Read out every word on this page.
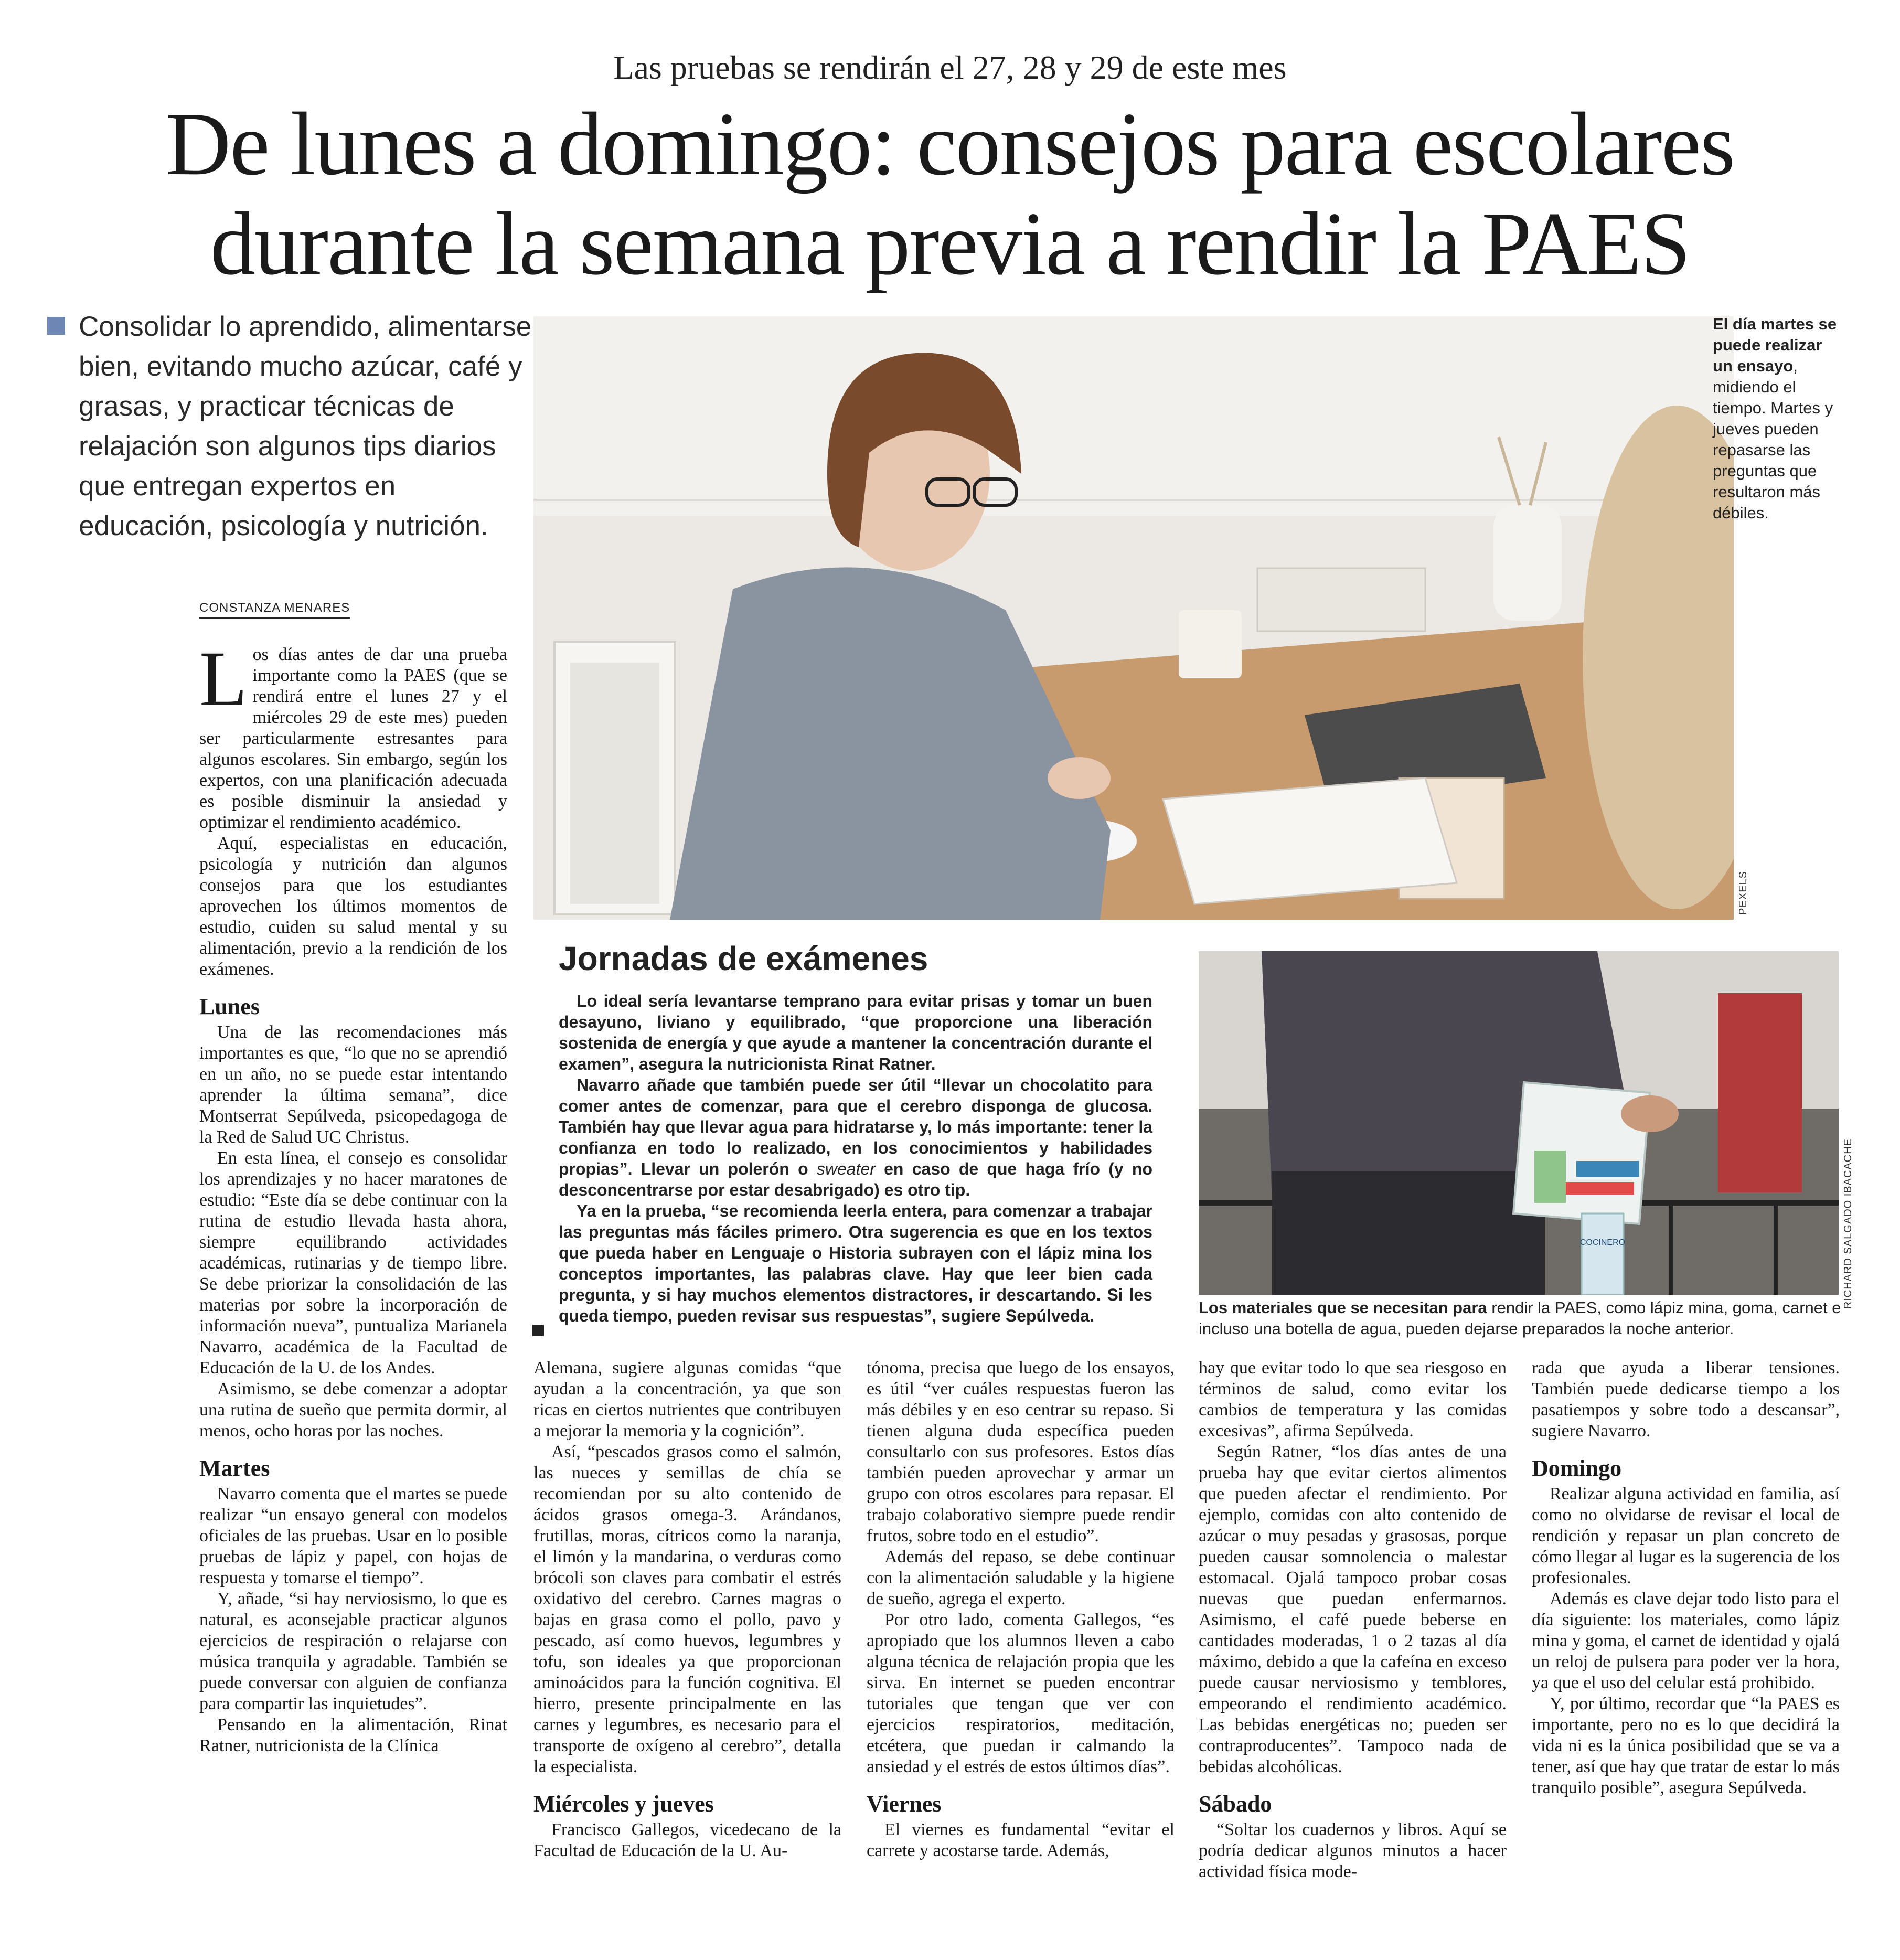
Las pruebas se rendirán el 27, 28 y 29 de este mes
De lunes a domingo: consejos para escolares
durante la semana previa a rendir la PAES
Consolidar lo aprendido, alimentarse bien, evitando mucho azúcar, café y grasas, y practicar técnicas de relajación son algunos tips diarios que entregan expertos en educación, psicología y nutrición.
CONSTANZA MENARES

Los días antes de dar una prueba importante como la PAES (que se rendirá entre el lunes 27 y el miércoles 29 de este mes) pueden ser particularmente estresantes para algunos escolares. Sin embargo, según los expertos, con una planificación adecuada es posible disminuir la ansiedad y optimizar el rendimiento académico.

Aquí, especialistas en educación, psicología y nutrición dan algunos consejos para que los estudiantes aprovechen los últimos momentos de estudio, cuiden su salud mental y su alimentación, previo a la rendición de los exámenes.

Lunes

Una de las recomendaciones más importantes es que, “lo que no se aprendió en un año, no se puede estar intentando aprender la última semana”, dice Montserrat Sepúlveda, psicopedagoga de la Red de Salud UC Christus.

En esta línea, el consejo es consolidar los aprendizajes y no hacer maratones de estudio: “Este día se debe continuar con la rutina de estudio llevada hasta ahora, siempre equilibrando actividades académicas, rutinarias y de tiempo libre. Se debe priorizar la consolidación de las materias por sobre la incorporación de información nueva”, puntualiza Marianela Navarro, académica de la Facultad de Educación de la U. de los Andes.

Asimismo, se debe comenzar a adoptar una rutina de sueño que permita dormir, al menos, ocho horas por las noches.

Martes

Navarro comenta que el martes se puede realizar “un ensayo general con modelos oficiales de las pruebas. Usar en lo posible pruebas de lápiz y papel, con hojas de respuesta y tomarse el tiempo”.

Y, añade, “si hay nerviosismo, lo que es natural, es aconsejable practicar algunos ejercicios de respiración o relajarse con música tranquila y agradable. También se puede conversar con alguien de confianza para compartir las inquietudes”.

Pensando en la alimentación, Rinat Ratner, nutricionista de la Clínica

PEXELS
El día martes se puede realizar un ensayo, midiendo el tiempo. Martes y jueves pueden repasarse las preguntas que resultaron más débiles.
Jornadas de exámenes

Lo ideal sería levantarse temprano para evitar prisas y tomar un buen desayuno, liviano y equilibrado, “que proporcione una liberación sostenida de energía y que ayude a mantener la concentración durante el examen”, asegura la nutricionista Rinat Ratner.

Navarro añade que también puede ser útil “llevar un chocolatito para comer antes de comenzar, para que el cerebro disponga de glucosa. También hay que llevar agua para hidratarse y, lo más importante: tener la confianza en todo lo realizado, en los conocimientos y habilidades propias”. Llevar un polerón o sweater en caso de que haga frío (y no desconcentrarse por estar desabrigado) es otro tip.

Ya en la prueba, “se recomienda leerla entera, para comenzar a trabajar las preguntas más fáciles primero. Otra sugerencia es que en los textos que pueda haber en Lenguaje o Historia subrayen con el lápiz mina los conceptos importantes, las palabras clave. Hay que leer bien cada pregunta, y si hay muchos elementos distractores, ir descartando. Si les queda tiempo, pueden revisar sus respuestas”, sugiere Sepúlveda.

COCINERO	RICHARD SALGADO IBACACHE
Los materiales que se necesitan para rendir la PAES, como lápiz mina, goma, carnet e incluso una botella de agua, pueden dejarse preparados la noche anterior.

Alemana, sugiere algunas comidas “que ayudan a la concentración, ya que son ricas en ciertos nutrientes que contribuyen a mejorar la memoria y la cognición”.

Así, “pescados grasos como el salmón, las nueces y semillas de chía se recomiendan por su alto contenido de ácidos grasos omega-3. Arándanos, frutillas, moras, cítricos como la naranja, el limón y la mandarina, o verduras como brócoli son claves para combatir el estrés oxidativo del cerebro. Carnes magras o bajas en grasa como el pollo, pavo y pescado, así como huevos, legumbres y tofu, son ideales ya que proporcionan aminoácidos para la función cognitiva. El hierro, presente principalmente en las carnes y legumbres, es necesario para el transporte de oxígeno al cerebro”, detalla la especialista.

Miércoles y jueves

Francisco Gallegos, vicedecano de la Facultad de Educación de la U. Au-

tónoma, precisa que luego de los ensayos, es útil “ver cuáles respuestas fueron las más débiles y en eso centrar su repaso. Si tienen alguna duda específica pueden consultarlo con sus profesores. Estos días también pueden aprovechar y armar un grupo con otros escolares para repasar. El trabajo colaborativo siempre puede rendir frutos, sobre todo en el estudio”.

Además del repaso, se debe continuar con la alimentación saludable y la higiene de sueño, agrega el experto.

Por otro lado, comenta Gallegos, “es apropiado que los alumnos lleven a cabo alguna técnica de relajación propia que les sirva. En internet se pueden encontrar tutoriales que tengan que ver con ejercicios respiratorios, meditación, etcétera, que puedan ir calmando la ansiedad y el estrés de estos últimos días”.

Viernes

El viernes es fundamental “evitar el carrete y acostarse tarde. Además,

hay que evitar todo lo que sea riesgoso en términos de salud, como evitar los cambios de temperatura y las comidas excesivas”, afirma Sepúlveda.

Según Ratner, “los días antes de una prueba hay que evitar ciertos alimentos que pueden afectar el rendimiento. Por ejemplo, comidas con alto contenido de azúcar o muy pesadas y grasosas, porque pueden causar somnolencia o malestar estomacal. Ojalá tampoco probar cosas nuevas que puedan enfermarnos. Asimismo, el café puede beberse en cantidades moderadas, 1 o 2 tazas al día máximo, debido a que la cafeína en exceso puede causar nerviosismo y temblores, empeorando el rendimiento académico. Las bebidas energéticas no; pueden ser contraproducentes”. Tampoco nada de bebidas alcohólicas.

Sábado

“Soltar los cuadernos y libros. Aquí se podría dedicar algunos minutos a hacer actividad física mode-

rada que ayuda a liberar tensiones. También puede dedicarse tiempo a los pasatiempos y sobre todo a descansar”, sugiere Navarro.

Domingo

Realizar alguna actividad en familia, así como no olvidarse de revisar el local de rendición y repasar un plan concreto de cómo llegar al lugar es la sugerencia de los profesionales.

Además es clave dejar todo listo para el día siguiente: los materiales, como lápiz mina y goma, el carnet de identidad y ojalá un reloj de pulsera para poder ver la hora, ya que el uso del celular está prohibido.

Y, por último, recordar que “la PAES es importante, pero no es lo que decidirá la vida ni es la única posibilidad que se va a tener, así que hay que tratar de estar lo más tranquilo posible”, asegura Sepúlveda.
